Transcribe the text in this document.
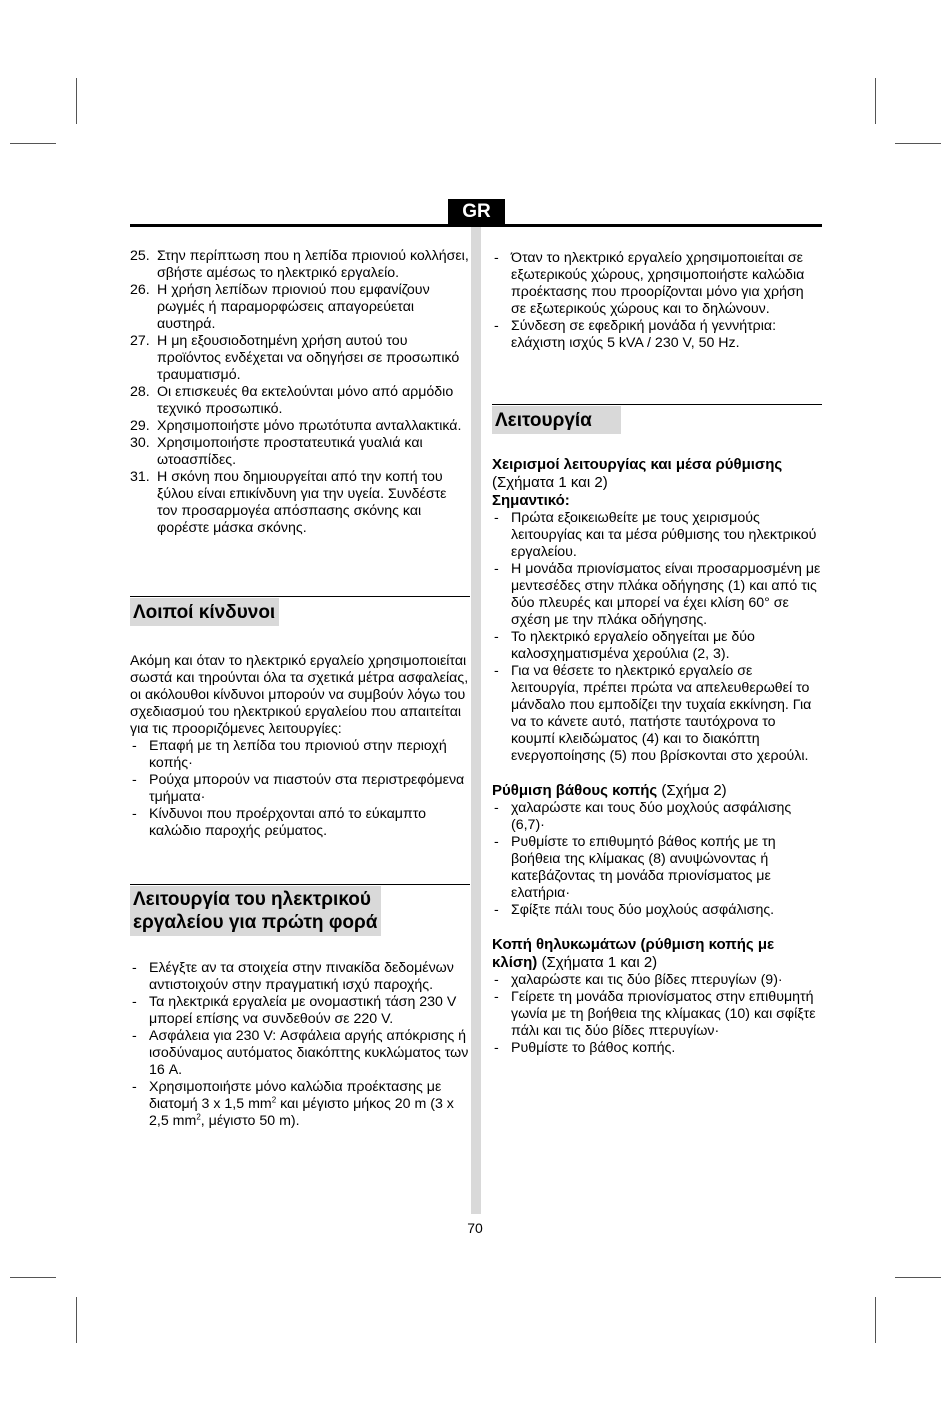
GR
25. Στην περίπτωση που η λεπίδα πριονιού κολλήσει, σβήστε αμέσως το ηλεκτρικό εργαλείο.
26. Η χρήση λεπίδων πριονιού που εμφανίζουν ρωγμές ή παραμορφώσεις απαγορεύεται αυστηρά.
27. Η μη εξουσιοδοτημένη χρήση αυτού του προϊόντος ενδέχεται να οδηγήσει σε προσωπικό τραυματισμό.
28. Οι επισκευές θα εκτελούνται μόνο από αρμόδιο τεχνικό προσωπικό.
29. Χρησιμοποιήστε μόνο πρωτότυπα ανταλλακτικά.
30. Χρησιμοποιήστε προστατευτικά γυαλιά και ωτοασπίδες.
31. Η σκόνη που δημιουργείται από την κοπή του ξύλου είναι επικίνδυνη για την υγεία. Συνδέστε τον προσαρμογέα απόσπασης σκόνης και φορέστε μάσκα σκόνης.
Λοιποί κίνδυνοι

Ακόμη και όταν το ηλεκτρικό εργαλείο χρησιμοποιείται σωστά και τηρούνται όλα τα σχετικά μέτρα ασφαλείας, οι ακόλουθοι κίνδυνοι μπορούν να συμβούν λόγω του σχεδιασμού του ηλεκτρικού εργαλείου που απαιτείται για τις προοριζόμενες λειτουργίες:

- Επαφή με τη λεπίδα του πριονιού στην περιοχή κοπής·
- Ρούχα μπορούν να πιαστούν στα περιστρεφόμενα τμήματα·
- Κίνδυνοι που προέρχονται από το εύκαμπτο καλώδιο παροχής ρεύματος.
Λειτουργία του ηλεκτρικού
εργαλείου για πρώτη φορά
- Ελέγξτε αν τα στοιχεία στην πινακίδα δεδομένων αντιστοιχούν στην πραγματική ισχύ παροχής.
- Τα ηλεκτρικά εργαλεία με ονομαστική τάση 230 V μπορεί επίσης να συνδεθούν σε 220 V.
- Ασφάλεια για 230 V: Ασφάλεια αργής απόκρισης ή ισοδύναμος αυτόματος διακόπτης κυκλώματος των 16 A.
- Χρησιμοποιήστε μόνο καλώδια προέκτασης με διατομή 3 x 1,5 $mm^2$ και μέγιστο μήκος 20 m (3 x 2,5 $mm^2$, μέγιστο 50 m).
- Όταν το ηλεκτρικό εργαλείο χρησιμοποιείται σε εξωτερικούς χώρους, χρησιμοποιήστε καλώδια προέκτασης που προορίζονται μόνο για χρήση σε εξωτερικούς χώρους και το δηλώνουν.
- Σύνδεση σε εφεδρική μονάδα ή γεννήτρια: ελάχιστη ισχύς 5 kVA / 230 V, 50 Hz.
Λειτουργία

Χειρισμοί λειτουργίας και μέσα ρύθμισης (Σχήματα 1 και 2)

Σημαντικό:

- Πρώτα εξοικειωθείτε με τους χειρισμούς λειτουργίας και τα μέσα ρύθμισης του ηλεκτρικού εργαλείου.
- Η μονάδα πριονίσματος είναι προσαρμοσμένη με μεντεσέδες στην πλάκα οδήγησης (1) και από τις δύο πλευρές και μπορεί να έχει κλίση 60° σε σχέση με την πλάκα οδήγησης.
- Το ηλεκτρικό εργαλείο οδηγείται με δύο καλοσχηματισμένα χερούλια (2, 3).
- Για να θέσετε το ηλεκτρικό εργαλείο σε λειτουργία, πρέπει πρώτα να απελευθερωθεί το μάνδαλο που εμποδίζει την τυχαία εκκίνηση. Για να το κάνετε αυτό, πατήστε ταυτόχρονα το κουμπί κλειδώματος (4) και το διακόπτη ενεργοποίησης (5) που βρίσκονται στο χερούλι.

Ρύθμιση βάθους κοπής (Σχήμα 2)

- χαλαρώστε και τους δύο μοχλούς ασφάλισης (6,7)·
- Ρυθμίστε το επιθυμητό βάθος κοπής με τη βοήθεια της κλίμακας (8) ανυψώνοντας ή κατεβάζοντας τη μονάδα πριονίσματος με ελατήρια·
- Σφίξτε πάλι τους δύο μοχλούς ασφάλισης.

Κοπή θηλυκωμάτων (ρύθμιση κοπής με κλίση) (Σχήματα 1 και 2)

- χαλαρώστε και τις δύο βίδες πτερυγίων (9)·
- Γείρετε τη μονάδα πριονίσματος στην επιθυμητή γωνία με τη βοήθεια της κλίμακας (10) και σφίξτε πάλι και τις δύο βίδες πτερυγίων·
- Ρυθμίστε το βάθος κοπής.
70
